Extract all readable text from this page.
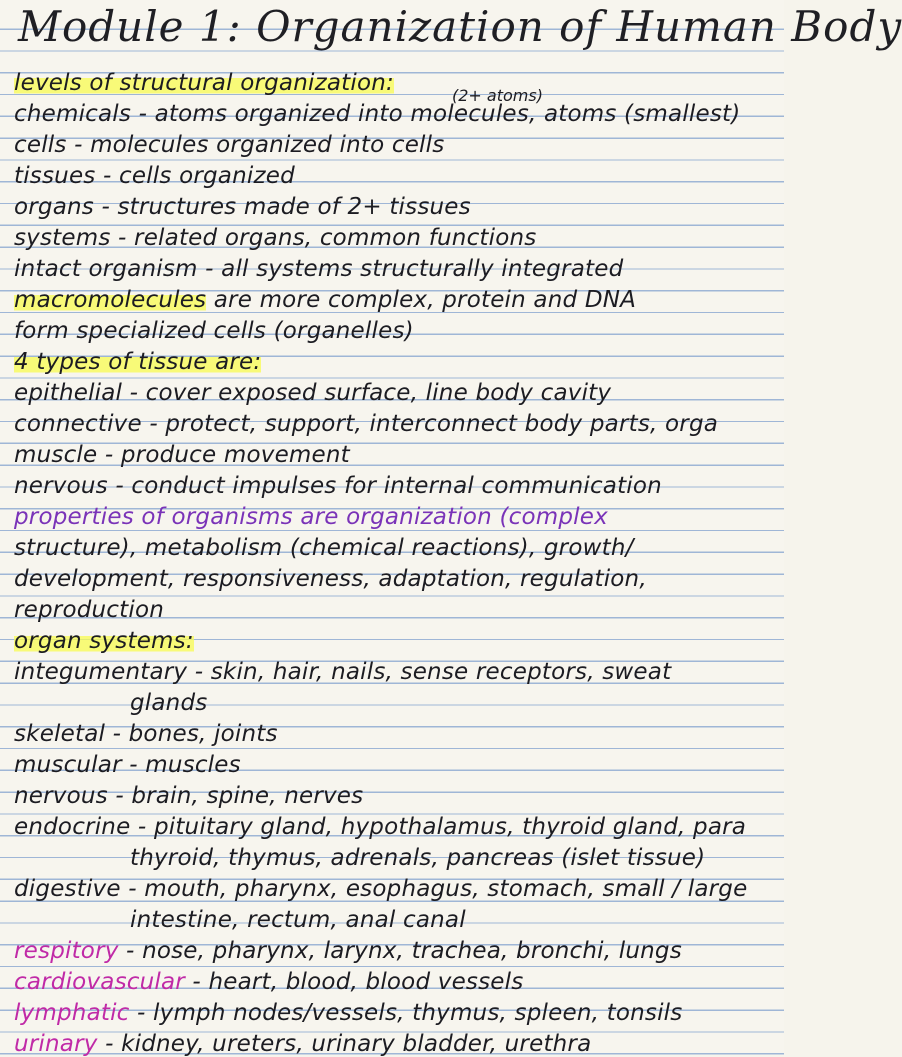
Module 1: Organization of Human Body
levels of structural organization:
chemicals - atoms organized into molecules, atoms (smallest)
cells - molecules organized into cells
tissues - cells organized
organs - structures made of 2+ tissues
systems - related organs, common functions
intact organism - all systems structurally integrated
macromolecules are more complex, protein and DNA
form specialized cells (organelles)
4 types of tissue are:
epithelial - cover exposed surface, line body cavity
connective - protect, support, interconnect body parts, orga
muscle - produce movement
nervous - conduct impulses for internal communication
properties of organisms are organization (complex
structure), metabolism (chemical reactions), growth/
development, responsiveness, adaptation, regulation,
reproduction
organ systems:
integumentary - skin, hair, nails, sense receptors, sweat
glands
skeletal - bones, joints
muscular - muscles
nervous - brain, spine, nerves
endocrine - pituitary gland, hypothalamus, thyroid gland, para
thyroid, thymus, adrenals, pancreas (islet tissue)
digestive - mouth, pharynx, esophagus, stomach, small / large
intestine, rectum, anal canal
respitory - nose, pharynx, larynx, trachea, bronchi, lungs
cardiovascular - heart, blood, blood vessels
lymphatic - lymph nodes/vessels, thymus, spleen, tonsils
urinary - kidney, ureters, urinary bladder, urethra
(2+ atoms)
